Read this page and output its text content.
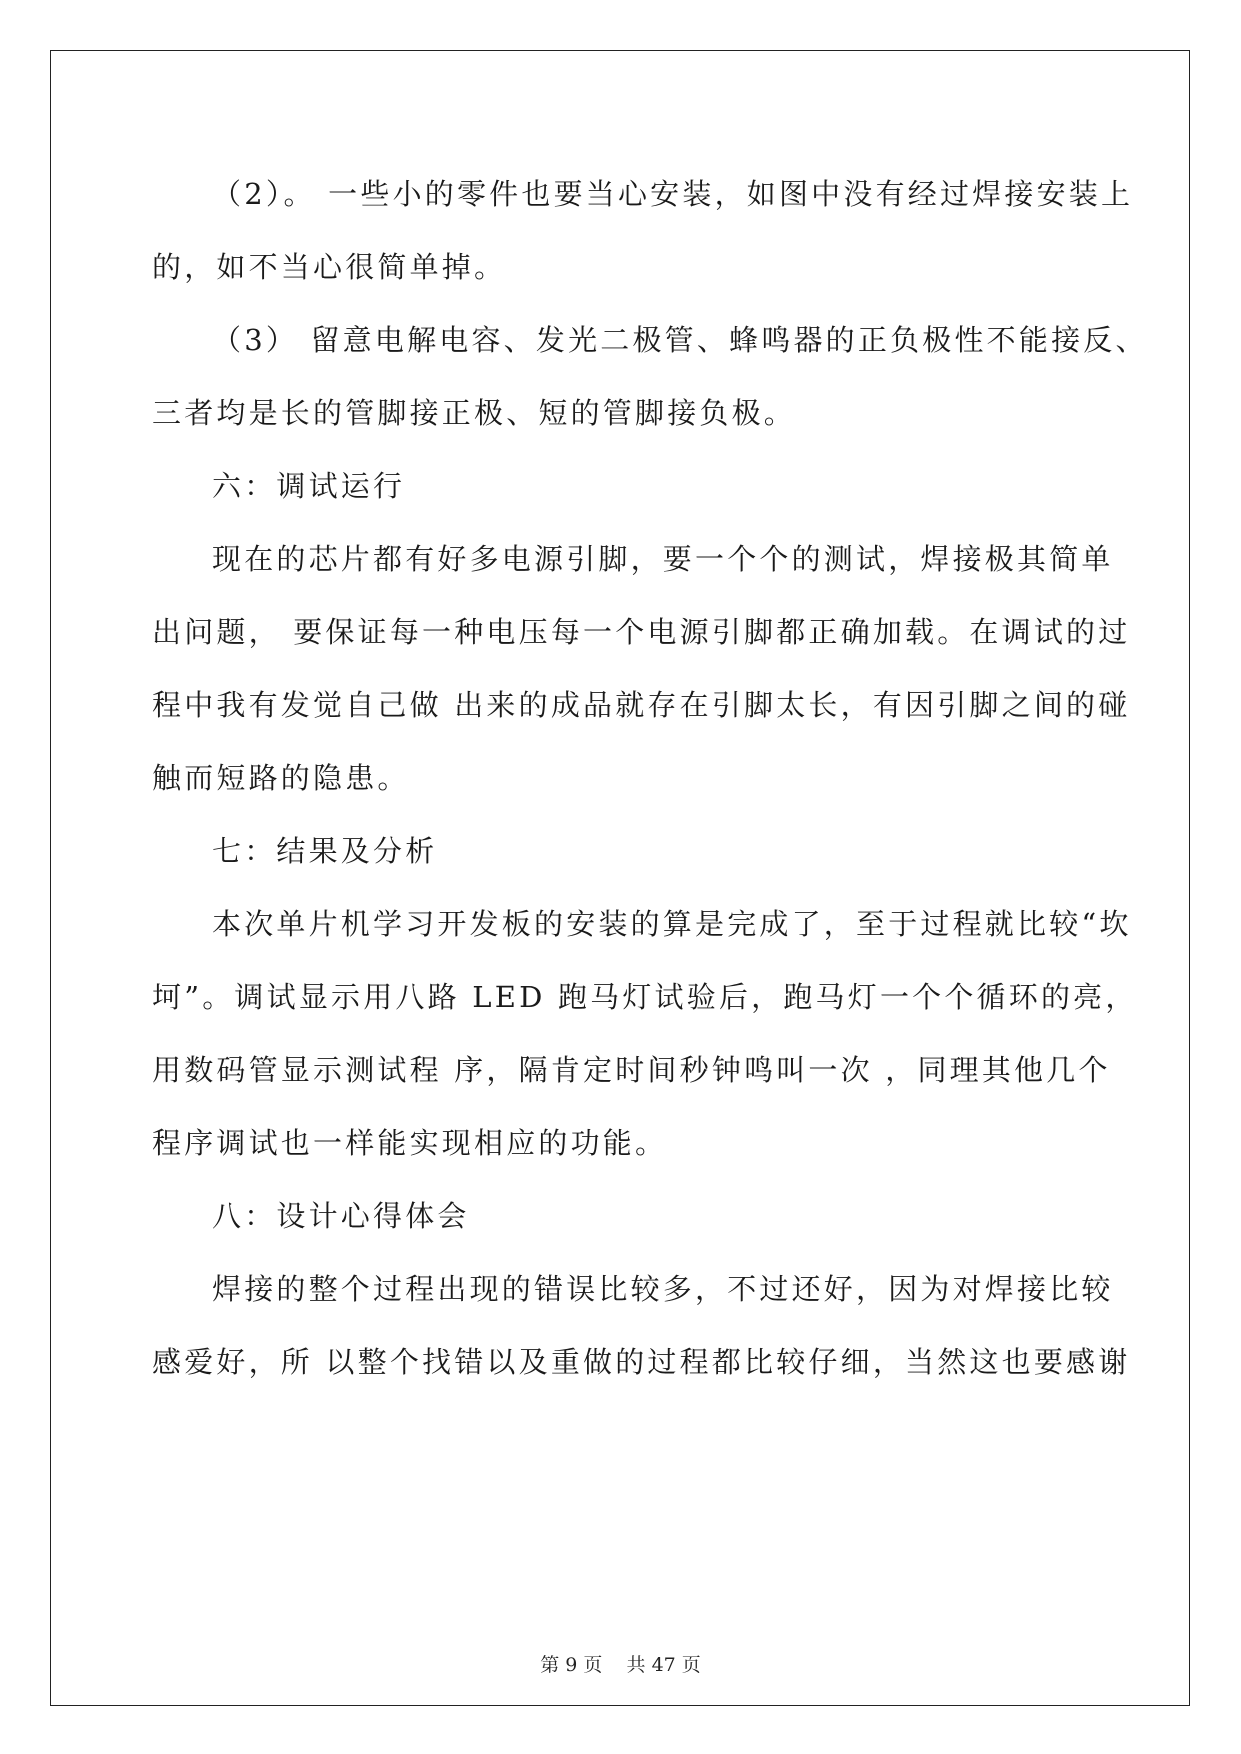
（2）。 一些小的零件也要当心安装，如图中没有经过焊接安装上
的，如不当心很简单掉。
（3） 留意电解电容、发光二极管、蜂鸣器的正负极性不能接反、
三者均是长的管脚接正极、短的管脚接负极。
六：调试运行
现在的芯片都有好多电源引脚，要一个个的测试，焊接极其简单
出问题， 要保证每一种电压每一个电源引脚都正确加载。在调试的过
程中我有发觉自己做 出来的成品就存在引脚太长，有因引脚之间的碰
触而短路的隐患。
七：结果及分析
本次单片机学习开发板的安装的算是完成了，至于过程就比较“坎
坷”。调试显示用八路 LED 跑马灯试验后，跑马灯一个个循环的亮，
用数码管显示测试程 序，隔肯定时间秒钟鸣叫一次 ，同理其他几个
程序调试也一样能实现相应的功能。
八：设计心得体会
焊接的整个过程出现的错误比较多，不过还好，因为对焊接比较
感爱好，所 以整个找错以及重做的过程都比较仔细，当然这也要感谢
第 9 页    共 47 页
